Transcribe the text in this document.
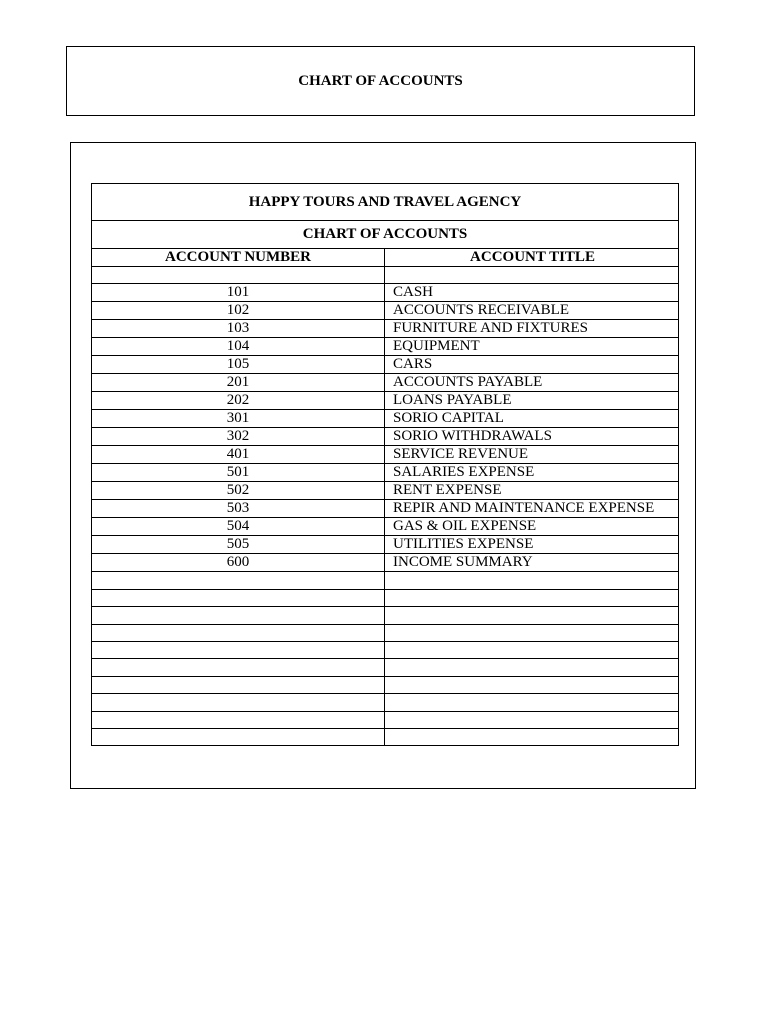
CHART OF ACCOUNTS
HAPPY TOURS AND TRAVEL AGENCY	
CHART OF ACCOUNTS	
ACCOUNT NUMBER	ACCOUNT TITLE

101	CASH
102	ACCOUNTS RECEIVABLE
103	FURNITURE AND FIXTURES
104	EQUIPMENT
105	CARS
201	ACCOUNTS PAYABLE
202	LOANS PAYABLE
301	SORIO CAPITAL
302	SORIO WITHDRAWALS
401	SERVICE REVENUE
501	SALARIES EXPENSE
502	RENT EXPENSE
503	REPIR AND MAINTENANCE EXPENSE
504	GAS & OIL EXPENSE
505	UTILITIES EXPENSE
600	INCOME SUMMARY
